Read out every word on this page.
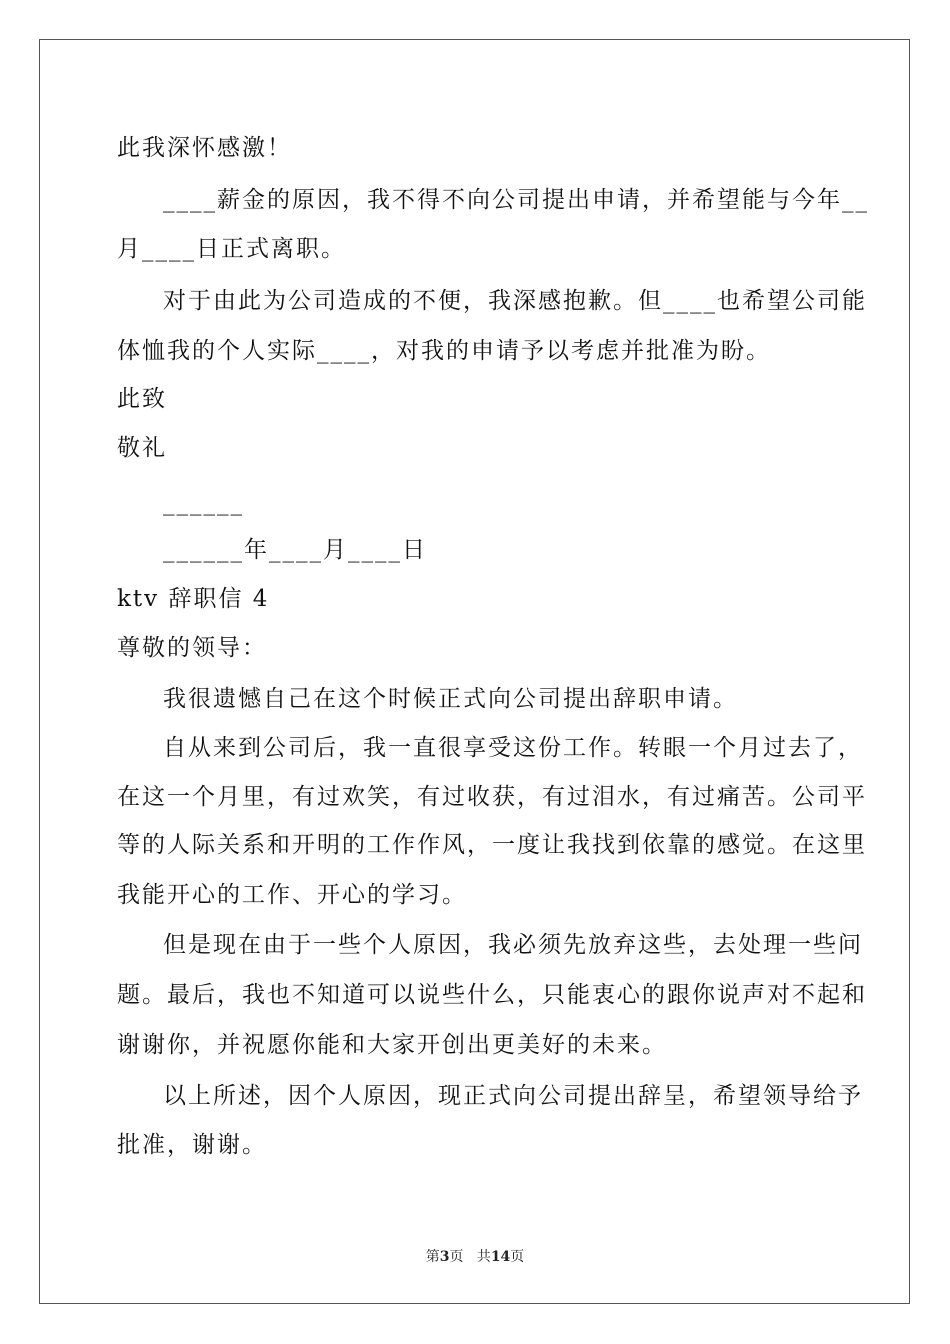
此我深怀感激！
____薪金的原因，我不得不向公司提出申请，并希望能与今年__
月____日正式离职。
对于由此为公司造成的不便，我深感抱歉。但____也希望公司能
体恤我的个人实际____，对我的申请予以考虑并批准为盼。
此致
敬礼
______
______年____月____日
ktv 辞职信 4
尊敬的领导：
我很遗憾自己在这个时候正式向公司提出辞职申请。
自从来到公司后，我一直很享受这份工作。转眼一个月过去了，
在这一个月里，有过欢笑，有过收获，有过泪水，有过痛苦。公司平
等的人际关系和开明的工作作风，一度让我找到依靠的感觉。在这里
我能开心的工作、开心的学习。
但是现在由于一些个人原因，我必须先放弃这些，去处理一些问
题。最后，我也不知道可以说些什么，只能衷心的跟你说声对不起和
谢谢你，并祝愿你能和大家开创出更美好的未来。
以上所述，因个人原因，现正式向公司提出辞呈，希望领导给予
批准，谢谢。
第3页 共14页
